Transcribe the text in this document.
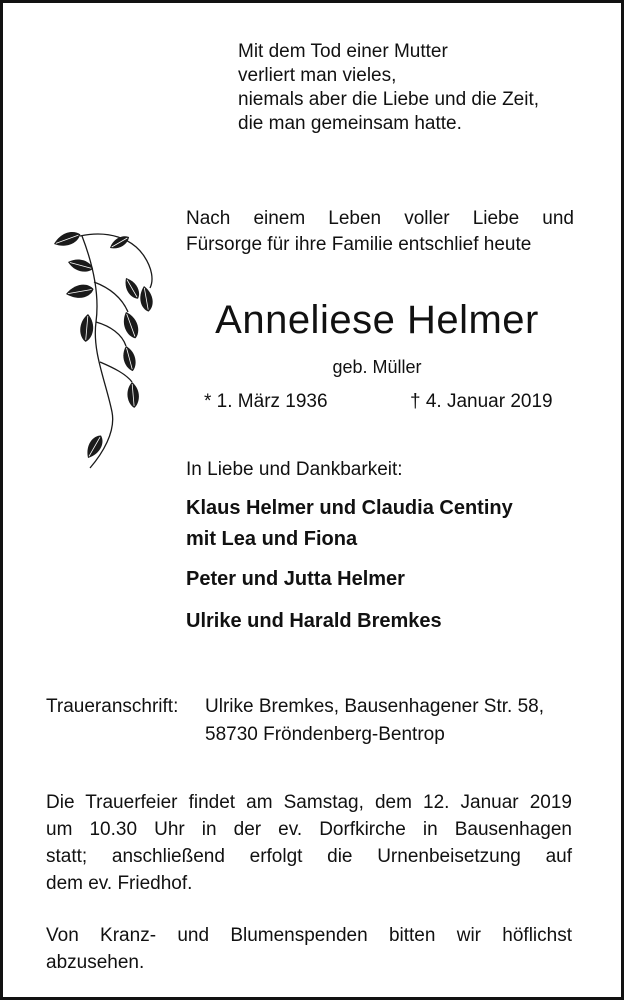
Mit dem Tod einer Mutter
verliert man vieles,
niemals aber die Liebe und die Zeit,
die man gemeinsam hatte.
Nach einem Leben voller Liebe und
Fürsorge für ihre Familie entschlief heute
Anneliese Helmer
geb. Müller
* 1. März 1936	† 4. Januar 2019
In Liebe und Dankbarkeit:
Klaus Helmer und Claudia Centiny
mit Lea und Fiona
Peter und Jutta Helmer
Ulrike und Harald Bremkes
Traueranschrift: Ulrike Bremkes, Bausenhagener Str. 58,
58730 Fröndenberg-Bentrop
Die Trauerfeier findet am Samstag, dem 12. Januar 2019
um 10.30 Uhr in der ev. Dorfkirche in Bausenhagen
statt; anschließend erfolgt die Urnenbeisetzung auf
dem ev. Friedhof.
Von Kranz- und Blumenspenden bitten wir höflichst
abzusehen.
